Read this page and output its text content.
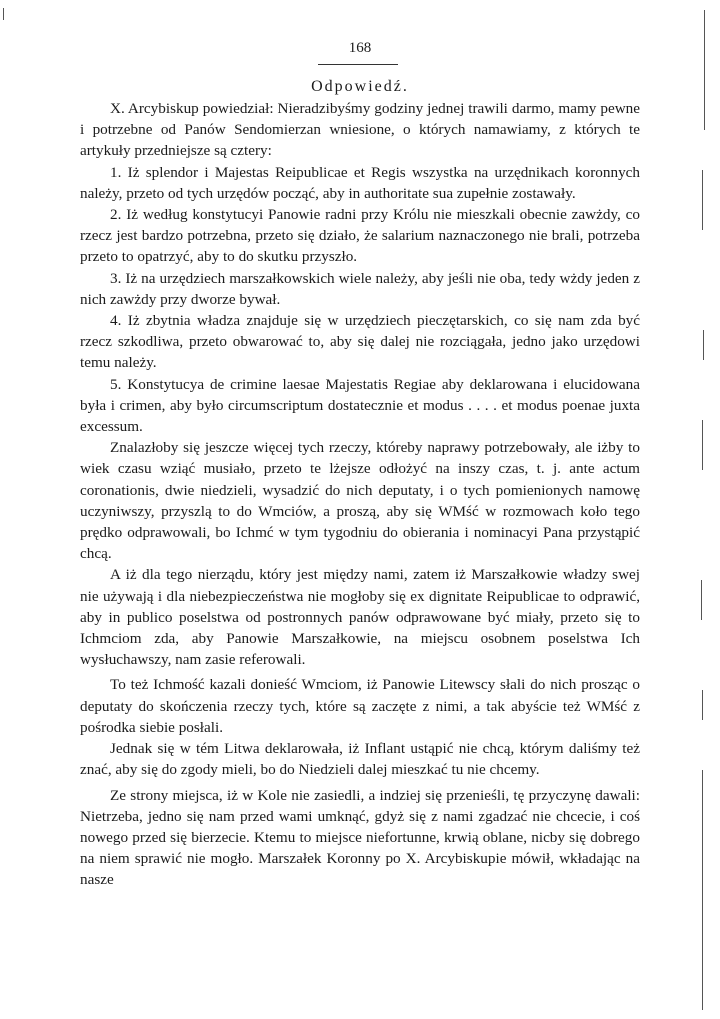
168
Odpowiedź.

X. Arcybiskup powiedział: Nieradzibyśmy godziny jednej trawili darmo, mamy pewne i potrzebne od Panów Sendomierzan wniesione, o których namawiamy, z których te artykuły przedniejsze są cztery:

1. Iż splendor i Majestas Reipublicae et Regis wszystka na urzędnikach koronnych należy, przeto od tych urzędów począć, aby in authoritate sua zupełnie zostawały.

2. Iż według konstytucyi Panowie radni przy Królu nie mieszkali obecnie zawżdy, co rzecz jest bardzo potrzebna, przeto się działo, że salarium naznaczonego nie brali, potrzeba przeto to opatrzyć, aby to do skutku przyszło.

3. Iż na urzędziech marszałkowskich wiele należy, aby jeśli nie oba, tedy wżdy jeden z nich zawżdy przy dworze bywał.

4. Iż zbytnia władza znajduje się w urzędziech pieczętarskich, co się nam zda być rzecz szkodliwa, przeto obwarować to, aby się dalej nie rozciągała, jedno jako urzędowi temu należy.

5. Konstytucya de crimine laesae Majestatis Regiae aby deklarowana i elucidowana była i crimen, aby było circumscriptum dostatecznie et modus . . . . et modus poenae juxta excessum.

Znalazłoby się jeszcze więcej tych rzeczy, któreby naprawy potrzebowały, ale iżby to wiek czasu wziąć musiało, przeto te lżejsze odłożyć na inszy czas, t. j. ante actum coronationis, dwie niedzieli, wysadzić do nich deputaty, i o tych pomienionych namowę uczyniwszy, przyszlą to do Wmciów, a proszą, aby się WMść w rozmowach koło tego prędko odprawowali, bo Ichmć w tym tygodniu do obierania i nominacyi Pana przystąpić chcą.

A iż dla tego nierządu, który jest między nami, zatem iż Marszałkowie władzy swej nie używają i dla niebezpieczeństwa nie mogłoby się ex dignitate Reipublicae to odprawić, aby in publico poselstwa od postronnych panów odprawowane być miały, przeto się to Ichmciom zda, aby Panowie Marszałkowie, na miejscu osobnem poselstwa Ich wysłuchawszy, nam zasie referowali.

To też Ichmość kazali donieść Wmciom, iż Panowie Litewscy słali do nich prosząc o deputaty do skończenia rzeczy tych, które są zaczęte z nimi, a tak abyście też WMść z pośrodka siebie posłali.

Jednak się w tém Litwa deklarowała, iż Inflant ustąpić nie chcą, którym daliśmy też znać, aby się do zgody mieli, bo do Niedzieli dalej mieszkać tu nie chcemy.

Ze strony miejsca, iż w Kole nie zasiedli, a indziej się przenieśli, tę przyczynę dawali: Nietrzeba, jedno się nam przed wami umknąć, gdyż się z nami zgadzać nie chcecie, i coś nowego przed się bierzecie. Ktemu to miejsce niefortunne, krwią oblane, nicby się dobrego na niem sprawić nie mogło. Marszałek Koronny po X. Arcybiskupie mówił, wkładając na nasze
